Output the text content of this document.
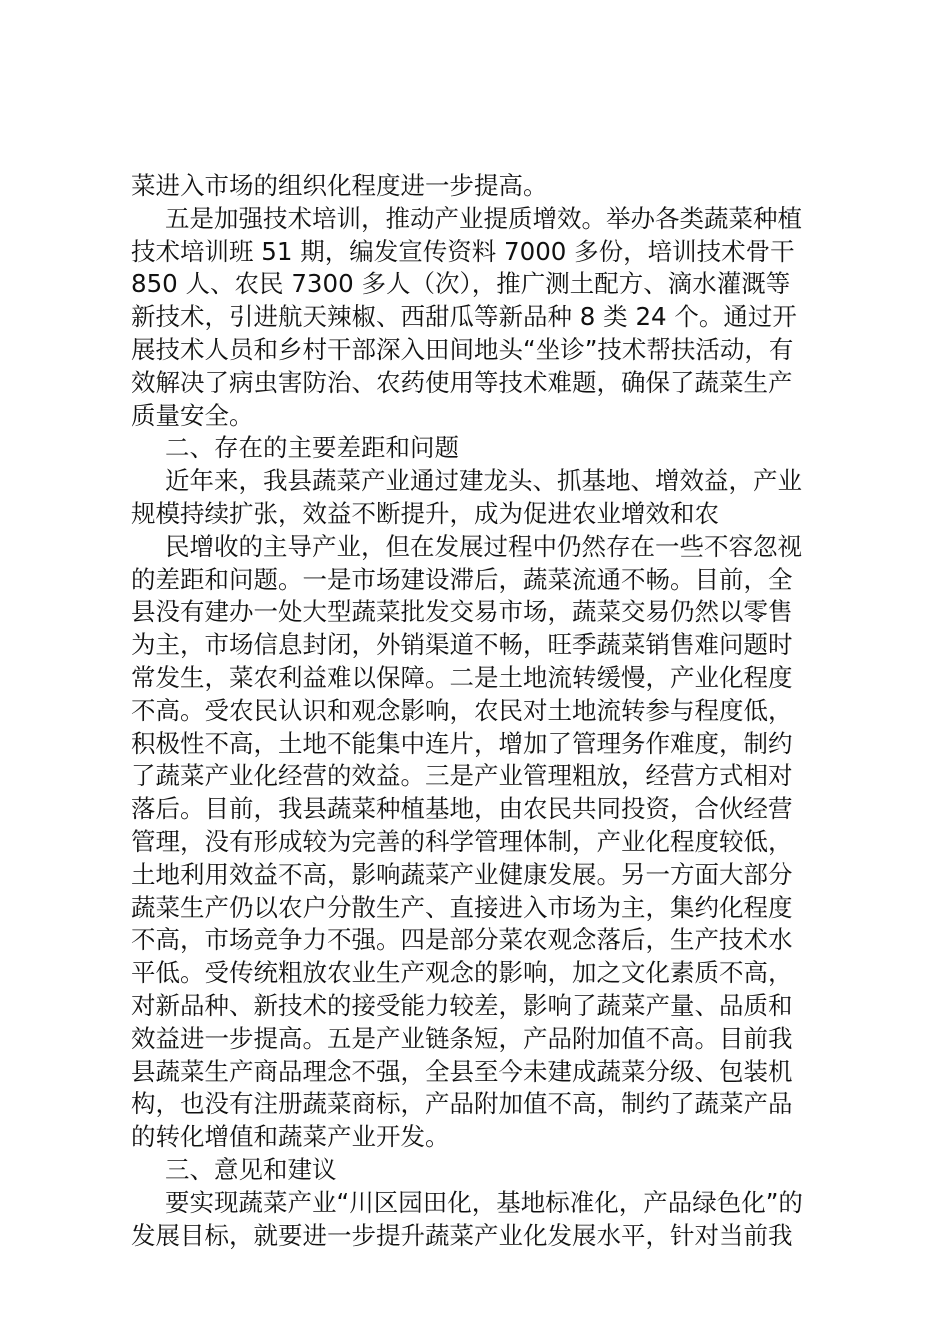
菜进入市场的组织化程度进一步提高。
五是加强技术培训，推动产业提质增效。举办各类蔬菜种植
技术培训班 51 期，编发宣传资料 7000 多份，培训技术骨干
850 人、农民 7300 多人（次），推广测土配方、滴水灌溉等
新技术，引进航天辣椒、西甜瓜等新品种 8 类 24 个。通过开
展技术人员和乡村干部深入田间地头“坐诊”技术帮扶活动，有
效解决了病虫害防治、农药使用等技术难题，确保了蔬菜生产
质量安全。
二、存在的主要差距和问题
近年来，我县蔬菜产业通过建龙头、抓基地、增效益，产业
规模持续扩张，效益不断提升，成为促进农业增效和农
民增收的主导产业，但在发展过程中仍然存在一些不容忽视
的差距和问题。一是市场建设滞后，蔬菜流通不畅。目前，全
县没有建办一处大型蔬菜批发交易市场，蔬菜交易仍然以零售
为主，市场信息封闭，外销渠道不畅，旺季蔬菜销售难问题时
常发生，菜农利益难以保障。二是土地流转缓慢，产业化程度
不高。受农民认识和观念影响，农民对土地流转参与程度低，
积极性不高，土地不能集中连片，增加了管理务作难度，制约
了蔬菜产业化经营的效益。三是产业管理粗放，经营方式相对
落后。目前，我县蔬菜种植基地，由农民共同投资，合伙经营
管理，没有形成较为完善的科学管理体制，产业化程度较低，
土地利用效益不高，影响蔬菜产业健康发展。另一方面大部分
蔬菜生产仍以农户分散生产、直接进入市场为主，集约化程度
不高，市场竞争力不强。四是部分菜农观念落后，生产技术水
平低。受传统粗放农业生产观念的影响，加之文化素质不高，
对新品种、新技术的接受能力较差，影响了蔬菜产量、品质和
效益进一步提高。五是产业链条短，产品附加值不高。目前我
县蔬菜生产商品理念不强，全县至今未建成蔬菜分级、包装机
构，也没有注册蔬菜商标，产品附加值不高，制约了蔬菜产品
的转化增值和蔬菜产业开发。
三、意见和建议
要实现蔬菜产业“川区园田化，基地标准化，产品绿色化”的
发展目标，就要进一步提升蔬菜产业化发展水平，针对当前我
